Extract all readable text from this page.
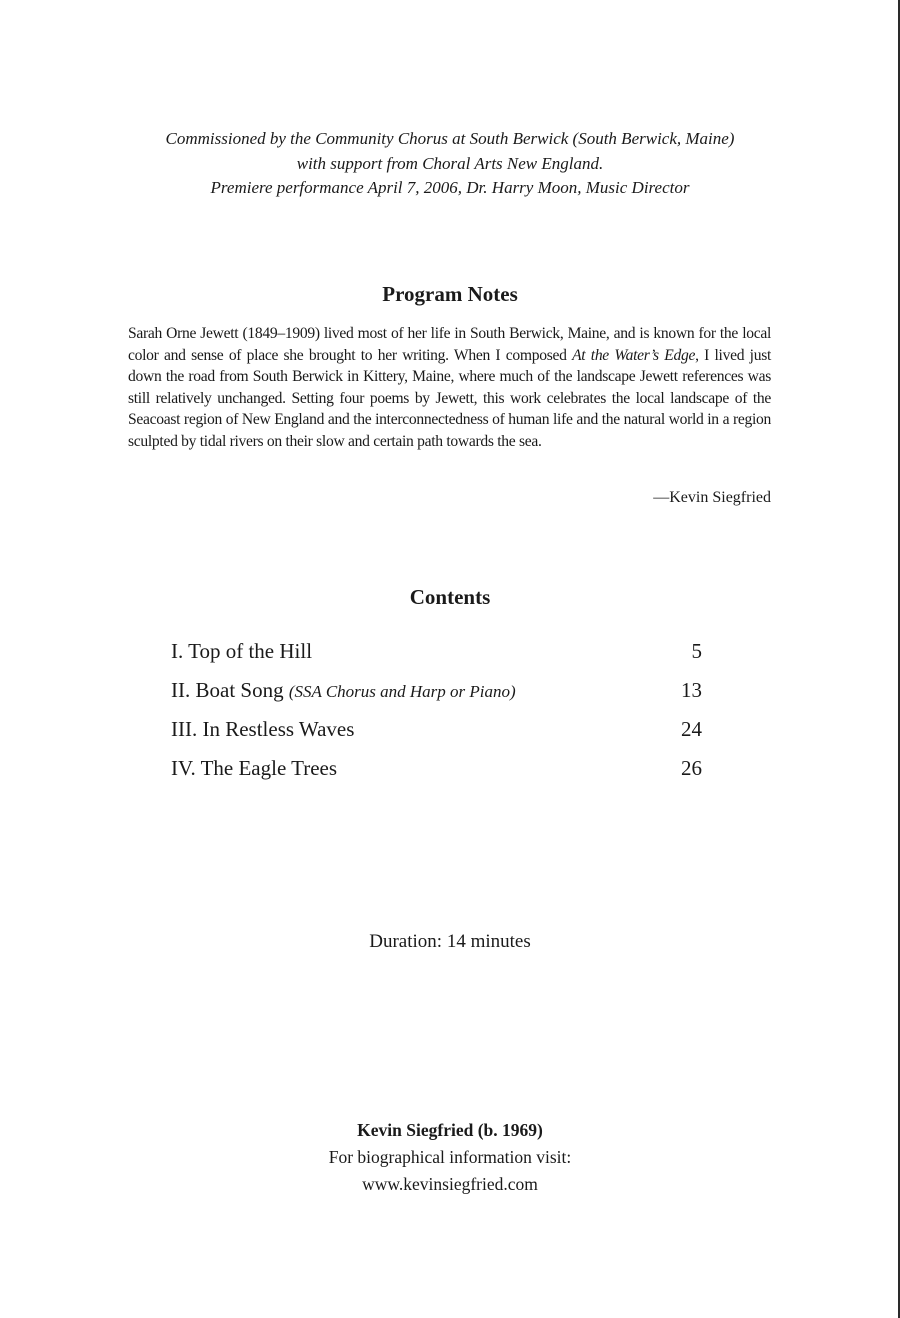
Commissioned by the Community Chorus at South Berwick (South Berwick, Maine)
with support from Choral Arts New England.
Premiere performance April 7, 2006, Dr. Harry Moon, Music Director
Program Notes
Sarah Orne Jewett (1849–1909) lived most of her life in South Berwick, Maine, and is known for the local color and sense of place she brought to her writing. When I composed At the Water’s Edge, I lived just down the road from South Berwick in Kittery, Maine, where much of the landscape Jewett references was still relatively unchanged. Setting four poems by Jewett, this work celebrates the local landscape of the Seacoast region of New England and the interconnectedness of human life and the natural world in a region sculpted by tidal rivers on their slow and certain path towards the sea.
—Kevin Siegfried
Contents
I. Top of the Hill	5
II. Boat Song (SSA Chorus and Harp or Piano)	13
III. In Restless Waves	24
IV. The Eagle Trees	26
Duration: 14 minutes
Kevin Siegfried (b. 1969)
For biographical information visit:
www.kevinsiegfried.com
